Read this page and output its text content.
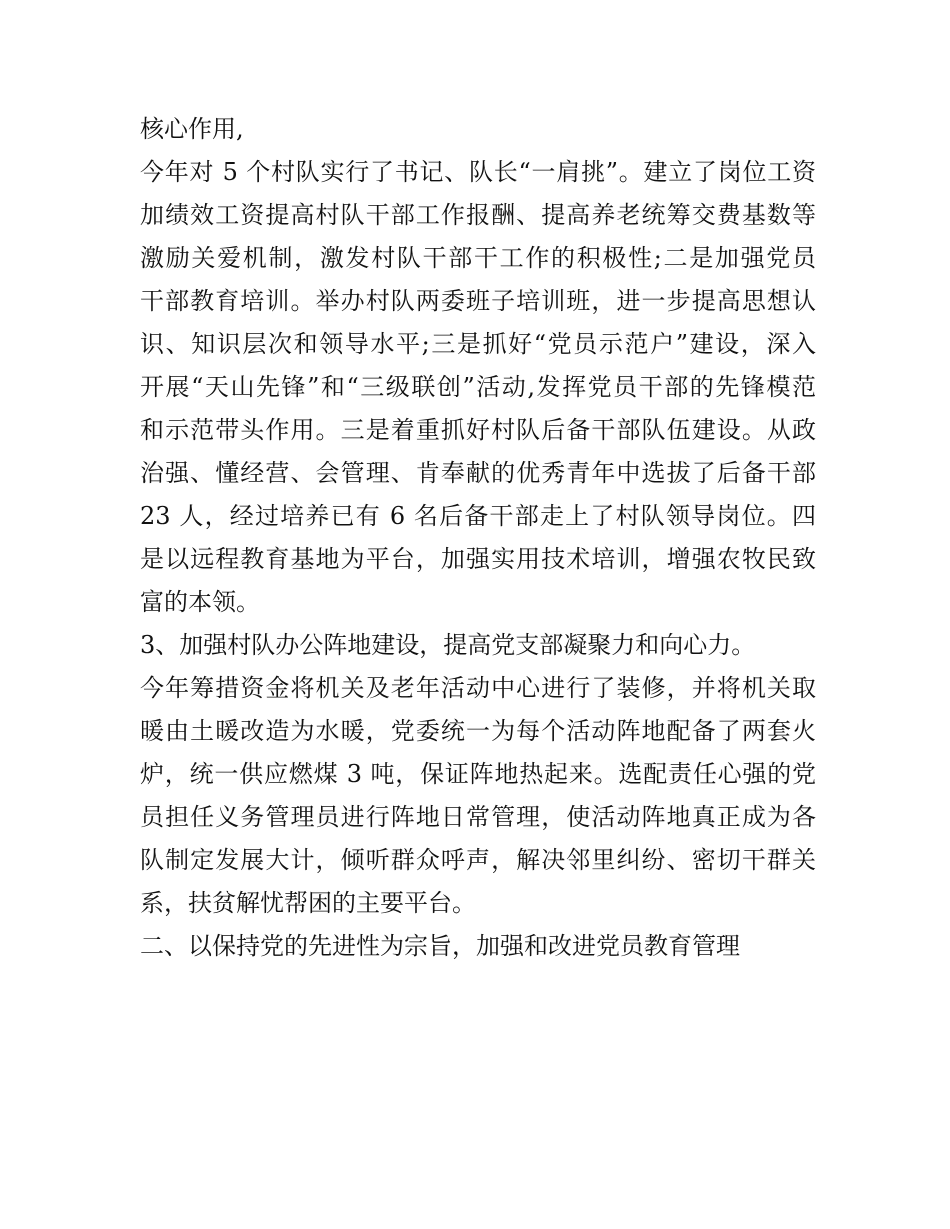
核心作用,
今年对 5 个村队实行了书记、队长“一肩挑”。建立了岗位工资
加绩效工资提高村队干部工作报酬、提高养老统筹交费基数等
激励关爱机制，激发村队干部干工作的积极性;二是加强党员
干部教育培训。举办村队两委班子培训班，进一步提高思想认
识、知识层次和领导水平;三是抓好“党员示范户”建设，深入
开展“天山先锋”和“三级联创”活动,发挥党员干部的先锋模范
和示范带头作用。三是着重抓好村队后备干部队伍建设。从政
治强、懂经营、会管理、肯奉献的优秀青年中选拔了后备干部
23 人，经过培养已有 6 名后备干部走上了村队领导岗位。四
是以远程教育基地为平台，加强实用技术培训，增强农牧民致
富的本领。
3、加强村队办公阵地建设，提高党支部凝聚力和向心力。
今年筹措资金将机关及老年活动中心进行了装修，并将机关取
暖由土暖改造为水暖，党委统一为每个活动阵地配备了两套火
炉，统一供应燃煤 3 吨，保证阵地热起来。选配责任心强的党
员担任义务管理员进行阵地日常管理，使活动阵地真正成为各
队制定发展大计，倾听群众呼声，解决邻里纠纷、密切干群关
系，扶贫解忧帮困的主要平台。
二、以保持党的先进性为宗旨，加强和改进党员教育管理
